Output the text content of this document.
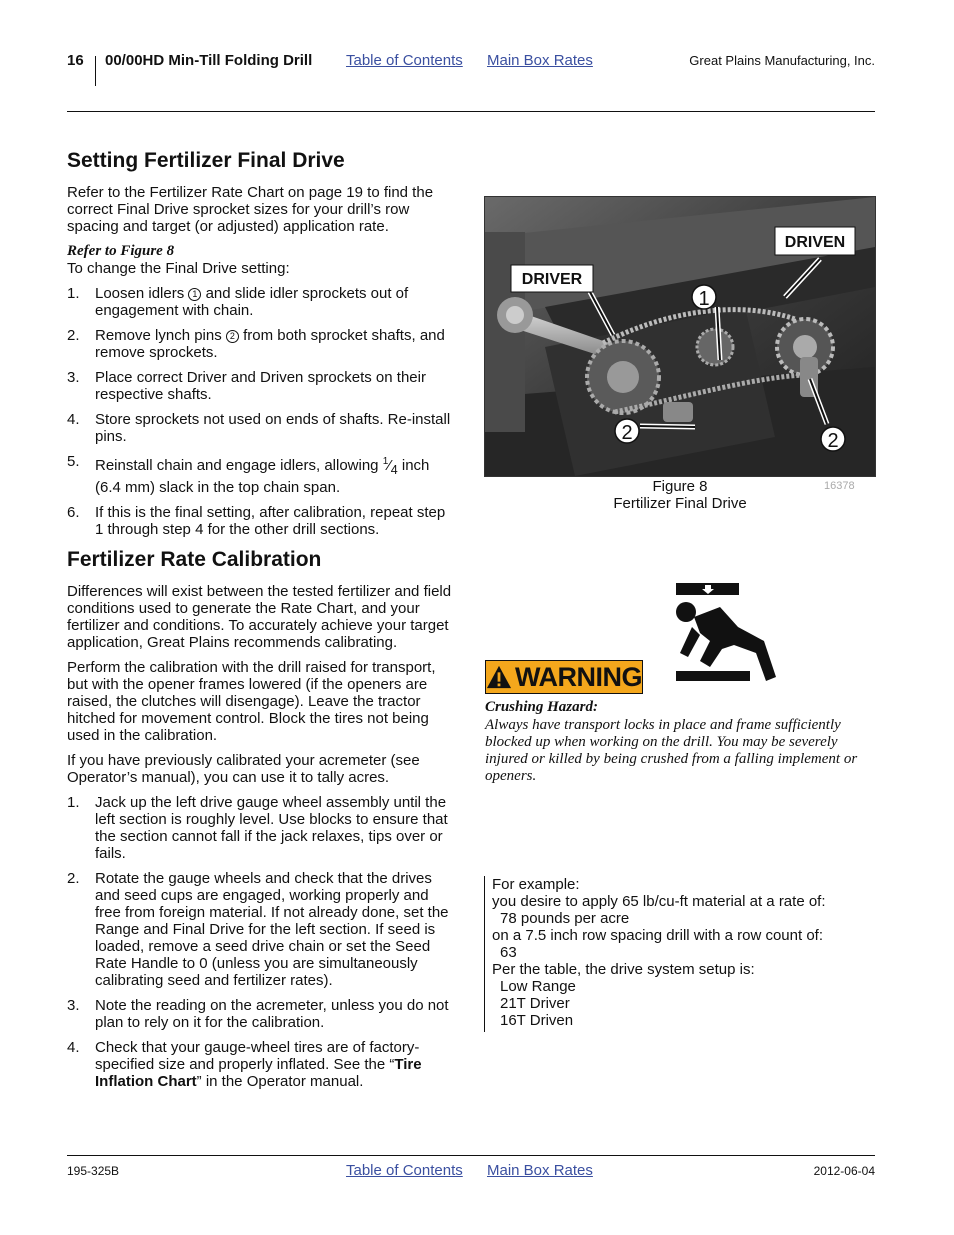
16 00/00HD Min-Till Folding Drill Table of Contents Main Box Rates	Great Plains Manufacturing, Inc.
Setting Fertilizer Final Drive

Refer to the Fertilizer Rate Chart on page 19 to find the correct Final Drive sprocket sizes for your drill’s row spacing and target (or adjusted) application rate.

Refer to Figure 8

To change the Final Drive setting:

1. Loosen idlers 1 and slide idler sprockets out of engagement with chain.
2. Remove lynch pins 2 from both sprocket shafts, and remove sprockets.
3. Place correct Driver and Driven sprockets on their respective shafts.
4. Store sprockets not used on ends of shafts. Re-install pins.
5. Reinstall chain and engage idlers, allowing $^1⁄_4$ inch (6.4 mm) slack in the top chain span.
6. If this is the final setting, after calibration, repeat step 1 through step 4 for the other drill sections.
Fertilizer Rate Calibration

Differences will exist between the tested fertilizer and field conditions used to generate the Rate Chart, and your fertilizer and conditions. To accurately achieve your target application, Great Plains recommends calibrating.

Perform the calibration with the drill raised for transport, but with the opener frames lowered (if the openers are raised, the clutches will disengage). Leave the tractor hitched for movement control. Block the tires not being used in the calibration.

If you have previously calibrated your acremeter (see Operator’s manual), you can use it to tally acres.

1. Jack up the left drive gauge wheel assembly until the left section is roughly level. Use blocks to ensure that the section cannot fall if the jack relaxes, tips over or fails.
2. Rotate the gauge wheels and check that the drives and seed cups are engaged, working properly and free from foreign material. If not already done, set the Range and Final Drive for the left section. If seed is loaded, remove a seed drive chain or set the Seed Rate Handle to 0 (unless you are simultaneously calibrating seed and fertilizer rates).
3. Note the reading on the acremeter, unless you do not plan to rely on it for the calibration.
4. Check that your gauge-wheel tires are of factory-specified size and properly inflated. See the “Tire Inflation Chart” in the Operator manual.
DRIVER
DRIVEN
1
2	2
Figure 8
Fertilizer Final Drive
16378
WARNING
Crushing Hazard:
Always have transport locks in place and frame sufficiently blocked up when working on the drill. You may be severely injured or killed by being crushed from a falling implement or openers.
For example:
you desire to apply 65 lb/cu-ft material at a rate of:
78 pounds per acre
on a 7.5 inch row spacing drill with a row count of:
63
Per the table, the drive system setup is:
Low Range
21T Driver
16T Driven
195-325B	Table of Contents Main Box Rates	2012-06-04
